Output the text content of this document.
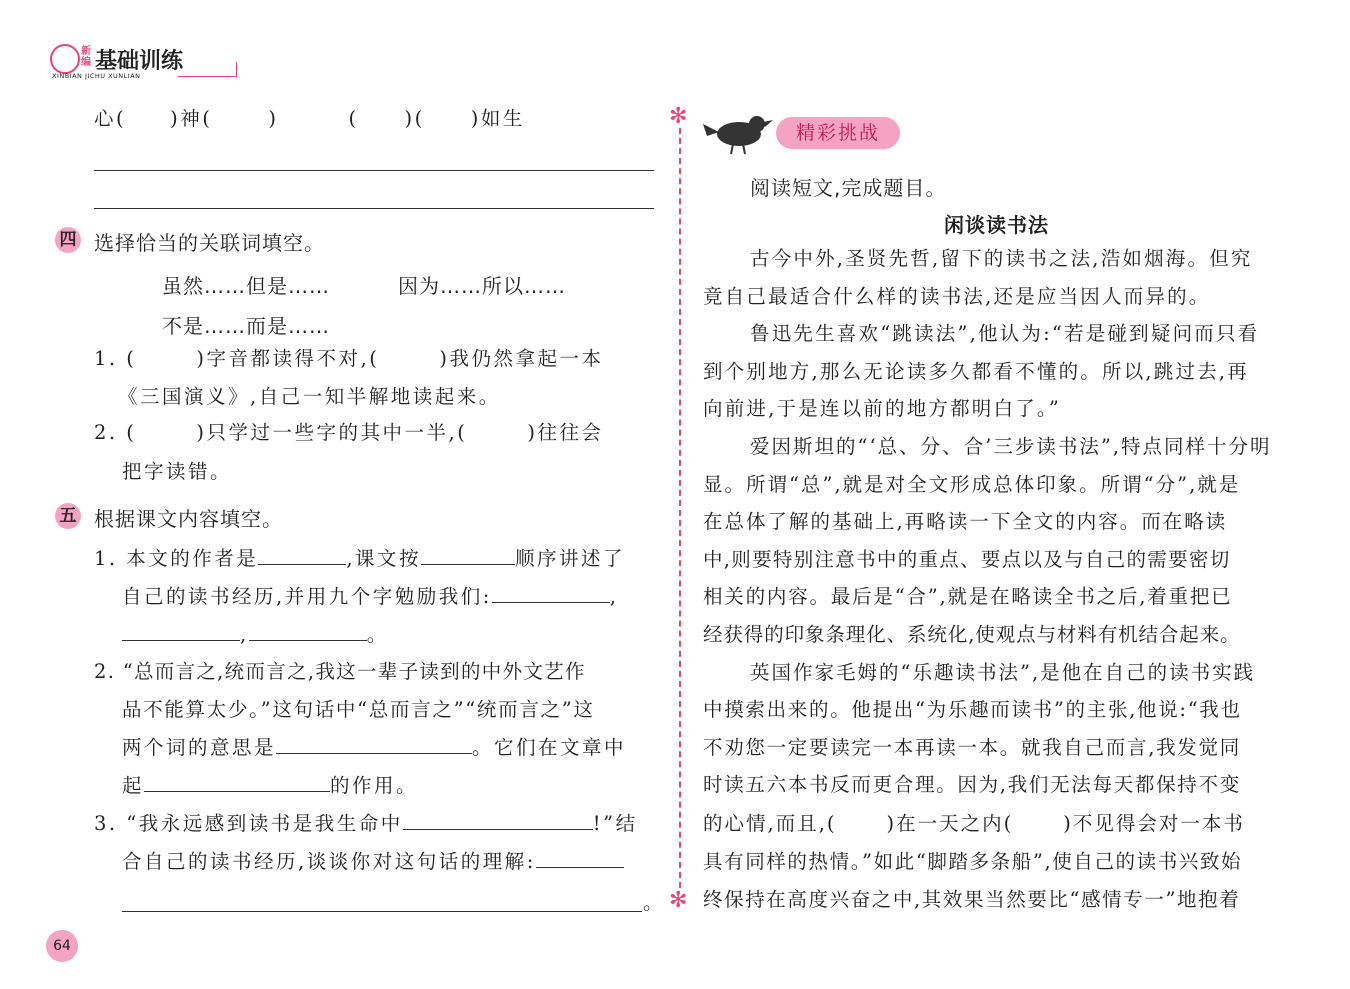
新编 基础训练
XINBIAN JICHU XUNLIAN
心( )神(	)	( )( )如生
四 选择恰当的关联词填空。
虽然……但是……	因为……所以……
不是……而是……
1. (	)字音都读得不对,(	)我仍然拿起一本
《三国演义》,自己一知半解地读起来。
2. (	)只学过一些字的其中一半,(	)往往会
把字读错。
五 根据课文内容填空。
1. 本文的作者是	,课文按	顺序讲述了
自己的读书经历,并用九个字勉励我们:	,
,	。
2. “总而言之,统而言之,我这一辈子读到的中外文艺作
品不能算太少。”这句话中“总而言之”“统而言之”这
两个词的意思是	。它们在文章中
起	的作用。
3. “我永远感到读书是我生命中	!”结
合自己的读书经历,谈谈你对这句话的理解:
。
64
✻
✻
精彩挑战
阅读短文,完成题目。
闲谈读书法
古今中外,圣贤先哲,留下的读书之法,浩如烟海。但究
竟自己最适合什么样的读书法,还是应当因人而异的。
鲁迅先生喜欢“跳读法”,他认为:“若是碰到疑问而只看
到个别地方,那么无论读多久都看不懂的。所以,跳过去,再
向前进,于是连以前的地方都明白了。”
爱因斯坦的“‘总、分、合’三步读书法”,特点同样十分明
显。所谓“总”,就是对全文形成总体印象。所谓“分”,就是
在总体了解的基础上,再略读一下全文的内容。而在略读
中,则要特别注意书中的重点、要点以及与自己的需要密切
相关的内容。最后是“合”,就是在略读全书之后,着重把已
经获得的印象条理化、系统化,使观点与材料有机结合起来。
英国作家毛姆的“乐趣读书法”,是他在自己的读书实践
中摸索出来的。他提出“为乐趣而读书”的主张,他说:“我也
不劝您一定要读完一本再读一本。就我自己而言,我发觉同
时读五六本书反而更合理。因为,我们无法每天都保持不变
的心情,而且,(	)在一天之内(	)不见得会对一本书
具有同样的热情。”如此“脚踏多条船”,使自己的读书兴致始
终保持在高度兴奋之中,其效果当然要比“感情专一”地抱着
